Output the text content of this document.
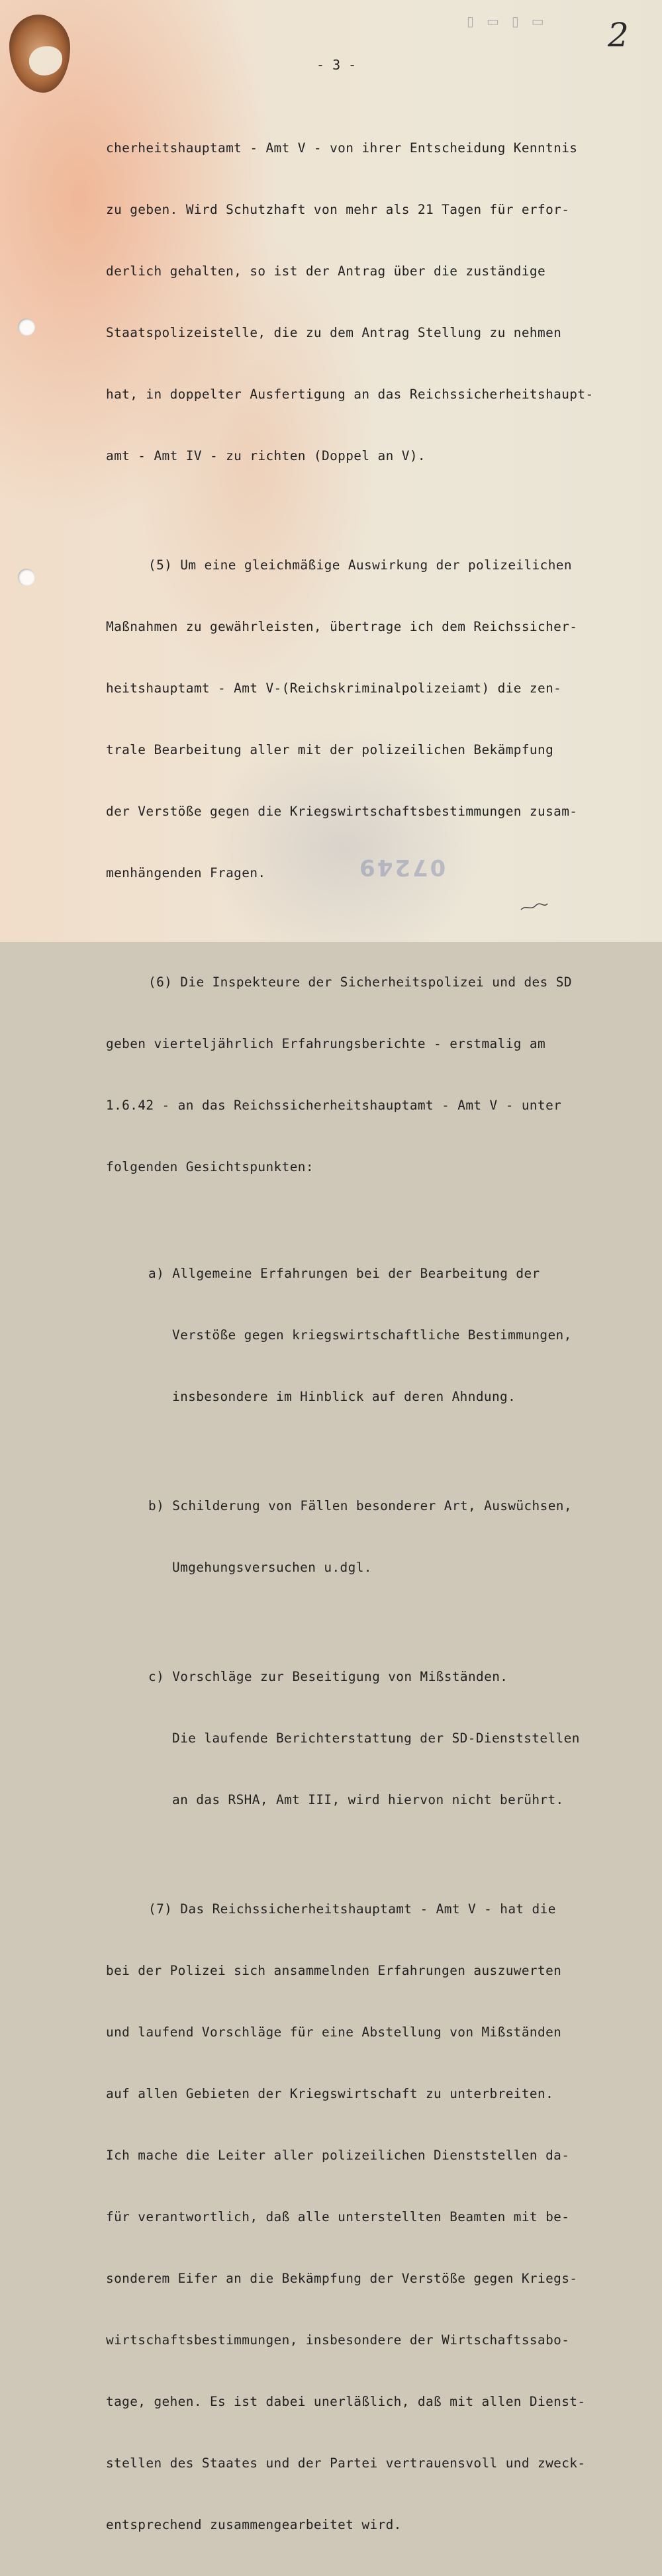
▯ ▭ ▯ ▭
- 3 -
2
07249

cherheitshauptamt - Amt V - von ihrer Entscheidung Kenntnis

zu geben. Wird Schutzhaft von mehr als 21 Tagen für erfor-

derlich gehalten, so ist der Antrag über die zuständige

Staatspolizeistelle, die zu dem Antrag Stellung zu nehmen

hat, in doppelter Ausfertigung an das Reichssicherheitshaupt-

amt - Amt IV - zu richten (Doppel an V).

(5) Um eine gleichmäßige Auswirkung der polizeilichen

Maßnahmen zu gewährleisten, übertrage ich dem Reichssicher-

heitshauptamt - Amt V-(Reichskriminalpolizeiamt) die zen-

trale Bearbeitung aller mit der polizeilichen Bekämpfung

der Verstöße gegen die Kriegswirtschaftsbestimmungen zusam-

menhängenden Fragen.

(6) Die Inspekteure der Sicherheitspolizei und des SD

geben vierteljährlich Erfahrungsberichte - erstmalig am

1.6.42 - an das Reichssicherheitshauptamt - Amt V - unter

folgenden Gesichtspunkten:

a) Allgemeine Erfahrungen bei der Bearbeitung der

Verstöße gegen kriegswirtschaftliche Bestimmungen,

insbesondere im Hinblick auf deren Ahndung.

b) Schilderung von Fällen besonderer Art, Auswüchsen,

Umgehungsversuchen u.dgl.

c) Vorschläge zur Beseitigung von Mißständen.

Die laufende Berichterstattung der SD-Dienststellen

an das RSHA, Amt III, wird hiervon nicht berührt.

(7) Das Reichssicherheitshauptamt - Amt V - hat die

bei der Polizei sich ansammelnden Erfahrungen auszuwerten

und laufend Vorschläge für eine Abstellung von Mißständen

auf allen Gebieten der Kriegswirtschaft zu unterbreiten.

Ich mache die Leiter aller polizeilichen Dienststellen da-

für verantwortlich, daß alle unterstellten Beamten mit be-

sonderem Eifer an die Bekämpfung der Verstöße gegen Kriegs-

wirtschaftsbestimmungen, insbesondere der Wirtschaftssabo-

tage, gehen. Es ist dabei unerläßlich, daß mit allen Dienst-

stellen des Staates und der Partei vertrauensvoll und zweck-

entsprechend zusammengearbeitet wird.
